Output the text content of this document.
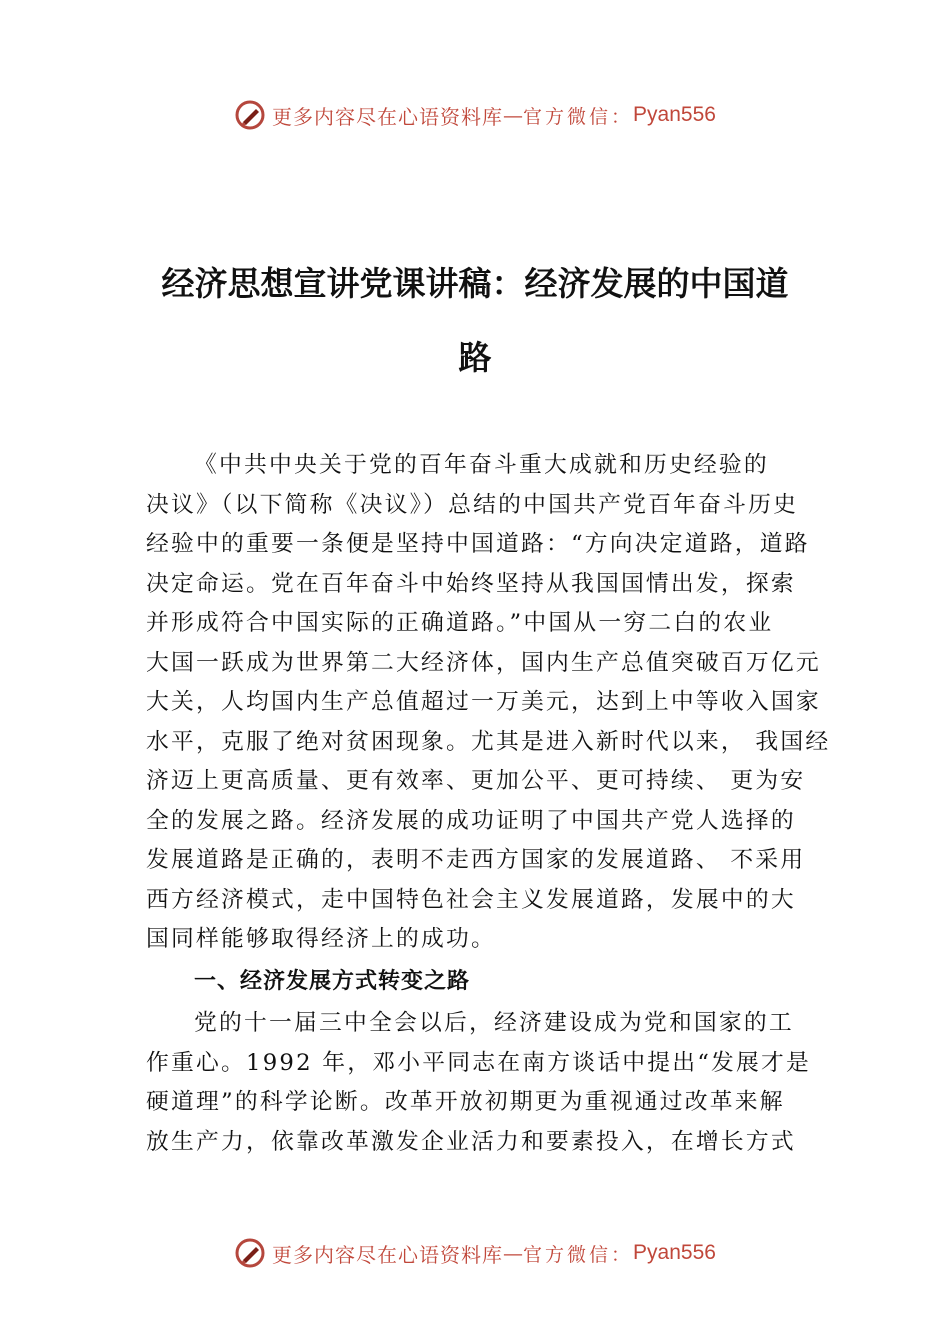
更多内容尽在心语资料库 — 官方微信： Pyan556
经济思想宣讲党课讲稿：经济发展的中国道
路
《中共中央关于党的百年奋斗重大成就和历史经验的
决议》（以下简称《决议》）总结的中国共产党百年奋斗历史
经验中的重要一条便是坚持中国道路：“方向决定道路，道路
决定命运。党在百年奋斗中始终坚持从我国国情出发，探索
并形成符合中国实际的正确道路。”中国从一穷二白的农业
大国一跃成为世界第二大经济体，国内生产总值突破百万亿元
大关，人均国内生产总值超过一万美元，达到上中等收入国家
水平，克服了绝对贫困现象。尤其是进入新时代以来， 我国经
济迈上更高质量、更有效率、更加公平、更可持续、 更为安
全的发展之路。经济发展的成功证明了中国共产党人选择的
发展道路是正确的，表明不走西方国家的发展道路、 不采用
西方经济模式，走中国特色社会主义发展道路，发展中的大
国同样能够取得经济上的成功。
一、经济发展方式转变之路
党的十一届三中全会以后，经济建设成为党和国家的工
作重心。1992 年，邓小平同志在南方谈话中提出“发展才是
硬道理”的科学论断。改革开放初期更为重视通过改革来解
放生产力，依靠改革激发企业活力和要素投入，在增长方式
更多内容尽在心语资料库 — 官方微信： Pyan556
